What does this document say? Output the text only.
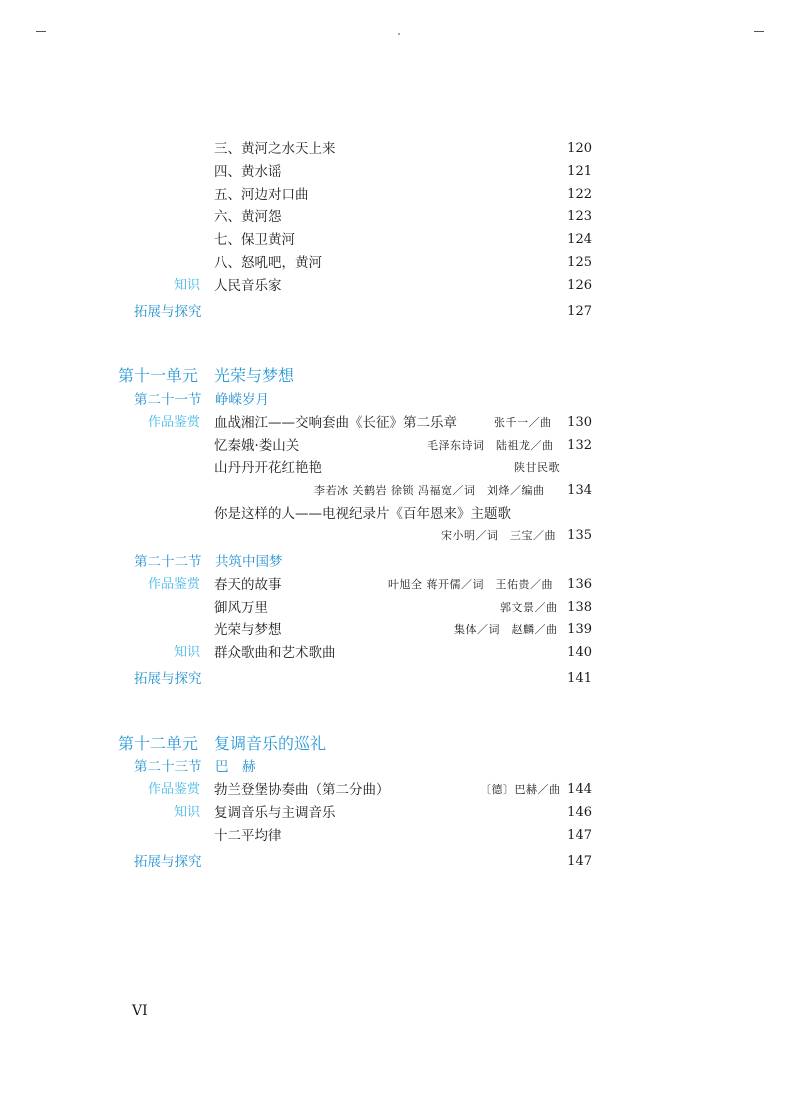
三、黄河之水天上来	120
四、黄水谣	121
五、河边对口曲	122
六、黄河怨	123
七、保卫黄河	124
八、怒吼吧，黄河	125
知识 人民音乐家	126
拓展与探究	127
第十一单元　光荣与梦想
第二十一节　峥嵘岁月
作品鉴赏 血战湘江——交响套曲《长征》第二乐章	张千一／曲	130
忆秦娥·娄山关	毛泽东诗词　陆祖龙／曲	132
山丹丹开花红艳艳	陕甘民歌
李若冰 关鹤岩 徐锁 冯福宽／词　刘烽／编曲	134
你是这样的人——电视纪录片《百年恩来》主题歌
宋小明／词　三宝／曲 135
第二十二节　共筑中国梦
作品鉴赏 春天的故事	叶旭全 蒋开儒／词　王佑贵／曲	136
御风万里	郭文景／曲 138
光荣与梦想	集体／词　赵麟／曲 139
知识 群众歌曲和艺术歌曲	140
拓展与探究	141
第十二单元　复调音乐的巡礼
第二十三节　巴　赫
作品鉴赏 勃兰登堡协奏曲（第二分曲）	〔德〕巴赫／曲 144
知识 复调音乐与主调音乐	146
十二平均律	147
拓展与探究	147
VI
